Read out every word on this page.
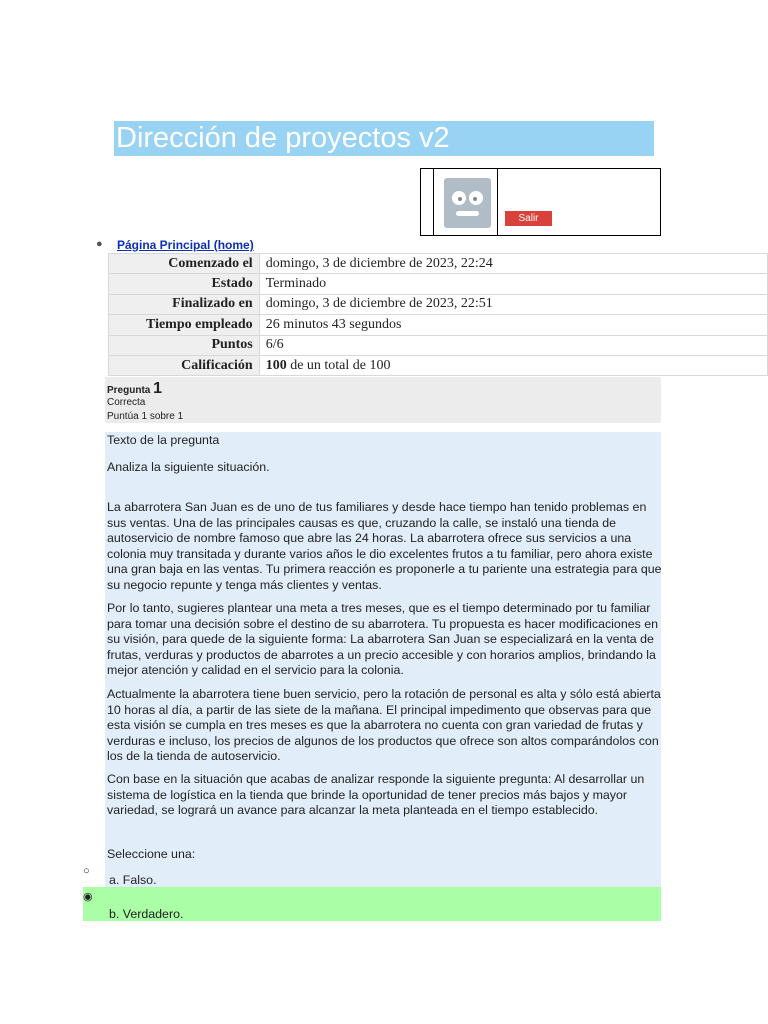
Dirección de proyectos v2
Salir
● Página Principal (home)
Comenzado el	domingo, 3 de diciembre de 2023, 22:24
Estado	Terminado
Finalizado en	domingo, 3 de diciembre de 2023, 22:51
Tiempo empleado	26 minutos 43 segundos
Puntos	6/6
Calificación	100 de un total de 100
Pregunta 1
Correcta
Puntúa 1 sobre 1

Texto de la pregunta

Analiza la siguiente situación.

La abarrotera San Juan es de uno de tus familiares y desde hace tiempo han tenido problemas en sus ventas. Una de las principales causas es que, cruzando la calle, se instaló una tienda de autoservicio de nombre famoso que abre las 24 horas. La abarrotera ofrece sus servicios a una colonia muy transitada y durante varios años le dio excelentes frutos a tu familiar, pero ahora existe una gran baja en las ventas. Tu primera reacción es proponerle a tu pariente una estrategia para que su negocio repunte y tenga más clientes y ventas.

Por lo tanto, sugieres plantear una meta a tres meses, que es el tiempo determinado por tu familiar para tomar una decisión sobre el destino de su abarrotera. Tu propuesta es hacer modificaciones en su visión, para quede de la siguiente forma: La abarrotera San Juan se especializará en la venta de frutas, verduras y productos de abarrotes a un precio accesible y con horarios amplios, brindando la mejor atención y calidad en el servicio para la colonia.

Actualmente la abarrotera tiene buen servicio, pero la rotación de personal es alta y sólo está abierta 10 horas al día, a partir de las siete de la mañana. El principal impedimento que observas para que esta visión se cumpla en tres meses es que la abarrotera no cuenta con gran variedad de frutas y verduras e incluso, los precios de algunos de los productos que ofrece son altos comparándolos con los de la tienda de autoservicio.

Con base en la situación que acabas de analizar responde la siguiente pregunta: Al desarrollar un sistema de logística en la tienda que brinde la oportunidad de tener precios más bajos y mayor variedad, se logrará un avance para alcanzar la meta planteada en el tiempo establecido.

Seleccione una:

○
a. Falso.
◉
b. Verdadero.
